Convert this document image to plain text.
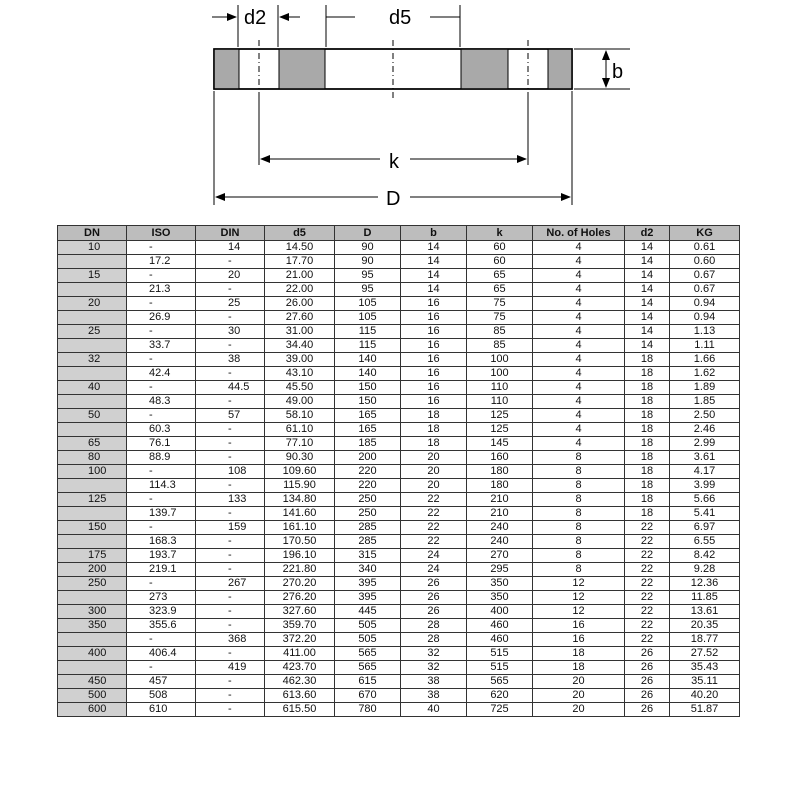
d2	d5
b
k
D
DN	ISO	DIN	d5	D	b	k	No. of Holes	d2	KG
10	-	14	14.50	90	14	60	4	14	0.61
	17.2	-	17.70	90	14	60	4	14	0.60
15	-	20	21.00	95	14	65	4	14	0.67
	21.3	-	22.00	95	14	65	4	14	0.67
20	-	25	26.00	105	16	75	4	14	0.94
	26.9	-	27.60	105	16	75	4	14	0.94
25	-	30	31.00	115	16	85	4	14	1.13
	33.7	-	34.40	115	16	85	4	14	1.11
32	-	38	39.00	140	16	100	4	18	1.66
	42.4	-	43.10	140	16	100	4	18	1.62
40	-	44.5	45.50	150	16	110	4	18	1.89
	48.3	-	49.00	150	16	110	4	18	1.85
50	-	57	58.10	165	18	125	4	18	2.50
	60.3	-	61.10	165	18	125	4	18	2.46
65	76.1	-	77.10	185	18	145	4	18	2.99
80	88.9	-	90.30	200	20	160	8	18	3.61
100	-	108	109.60	220	20	180	8	18	4.17
	114.3	-	115.90	220	20	180	8	18	3.99
125	-	133	134.80	250	22	210	8	18	5.66
	139.7	-	141.60	250	22	210	8	18	5.41
150	-	159	161.10	285	22	240	8	22	6.97
	168.3	-	170.50	285	22	240	8	22	6.55
175	193.7	-	196.10	315	24	270	8	22	8.42
200	219.1	-	221.80	340	24	295	8	22	9.28
250	-	267	270.20	395	26	350	12	22	12.36
	273	-	276.20	395	26	350	12	22	11.85
300	323.9	-	327.60	445	26	400	12	22	13.61
350	355.6	-	359.70	505	28	460	16	22	20.35
	-	368	372.20	505	28	460	16	22	18.77
400	406.4	-	411.00	565	32	515	18	26	27.52
	-	419	423.70	565	32	515	18	26	35.43
450	457	-	462.30	615	38	565	20	26	35.11
500	508	-	613.60	670	38	620	20	26	40.20
600	610	-	615.50	780	40	725	20	26	51.87
